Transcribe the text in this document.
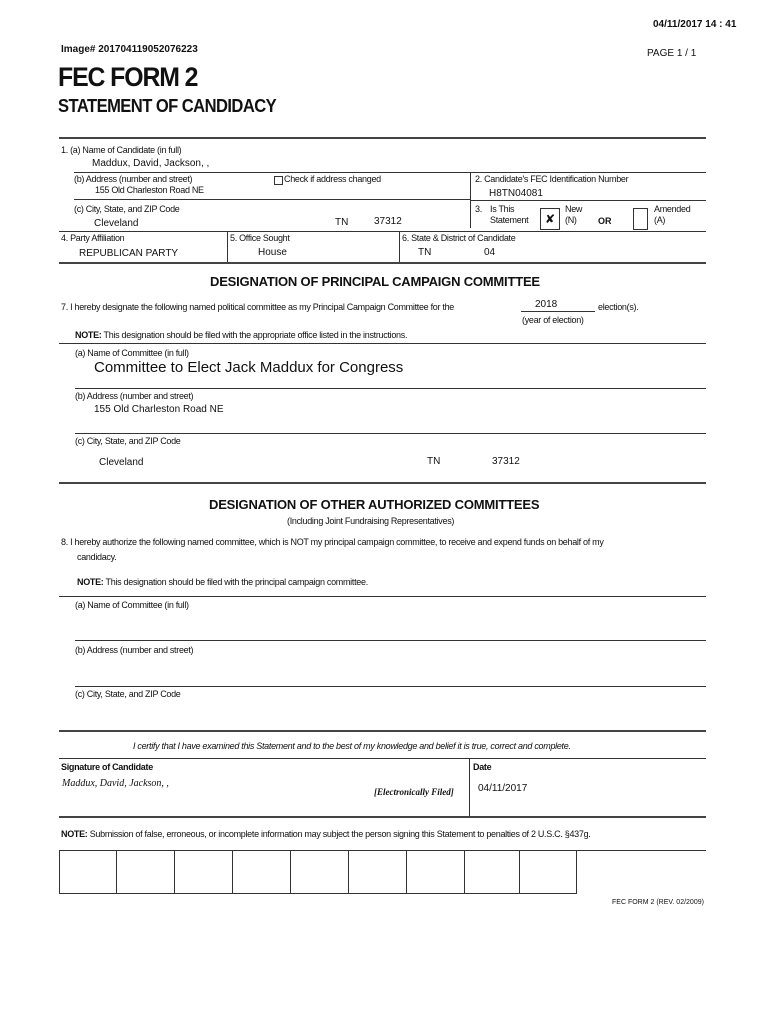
04/11/2017 14 : 41
Image# 201704119052076223	PAGE 1 / 1
FEC FORM 2
STATEMENT OF CANDIDACY
1. (a) Name of Candidate (in full)
Maddux, David, Jackson, ,
(b) Address (number and street)
155 Old Charleston Road NE
Check if address changed	2. Candidate's FEC Identification Number
H8TN04081
(c) City, State, and ZIP Code
Cleveland	TN	37312
3. Is This
Statement ✘
New
(N) OR
Amended
(A)
4. Party Affiliation
REPUBLICAN PARTY
5. Office Sought
House
6. State & District of Candidate
TN	04
DESIGNATION OF PRINCIPAL CAMPAIGN COMMITTEE
7. I hereby designate the following named political committee as my Principal Campaign Committee for the	2018	election(s).
(year of election)
NOTE: This designation should be filed with the appropriate office listed in the instructions.
(a) Name of Committee (in full)
Committee to Elect Jack Maddux for Congress
(b) Address (number and street)
155 Old Charleston Road NE
(c) City, State, and ZIP Code
Cleveland	TN	37312
DESIGNATION OF OTHER AUTHORIZED COMMITTEES
(Including Joint Fundraising Representatives)
8. I hereby authorize the following named committee, which is NOT my principal campaign committee, to receive and expend funds on behalf of my
candidacy.
NOTE: This designation should be filed with the principal campaign committee.
(a) Name of Committee (in full)
(b) Address (number and street)
(c) City, State, and ZIP Code
I certify that I have examined this Statement and to the best of my knowledge and belief it is true, correct and complete.
Signature of Candidate
Maddux, David, Jackson, ,
[Electronically Filed]
Date
04/11/2017
NOTE: Submission of false, erroneous, or incomplete information may subject the person signing this Statement to penalties of 2 U.S.C. §437g.
FEC FORM 2 (REV. 02/2009)
